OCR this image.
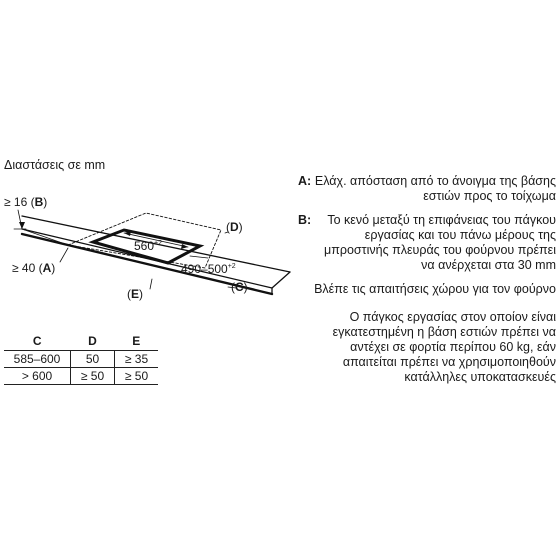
Διαστάσεις σε mm
≥ 16 (B)
≥ 40 (A)
$560^{+2}$
$490-500^{+2}$
(D)
(C)
(E)
C	D	E
585–600	50	≥ 35
> 600	≥ 50	≥ 50
A: Ελάχ. απόσταση από το άνοιγμα της βάσης εστιών προς το τοίχωμα
B:	Το κενό μεταξύ τη επιφάνειας του πάγκου εργασίας και του πάνω μέρους της μπροστινής πλευράς του φούρνου πρέπει να ανέρχεται στα 30 mm
Βλέπε τις απαιτήσεις χώρου για τον φούρνο
Ο πάγκος εργασίας στον οποίον είναι εγκατεστημένη η βάση εστιών πρέπει να αντέχει σε φορτία περίπου 60 kg, εάν απαιτείται πρέπει να χρησιμοποιηθούν κατάλληλες υποκατασκευές
